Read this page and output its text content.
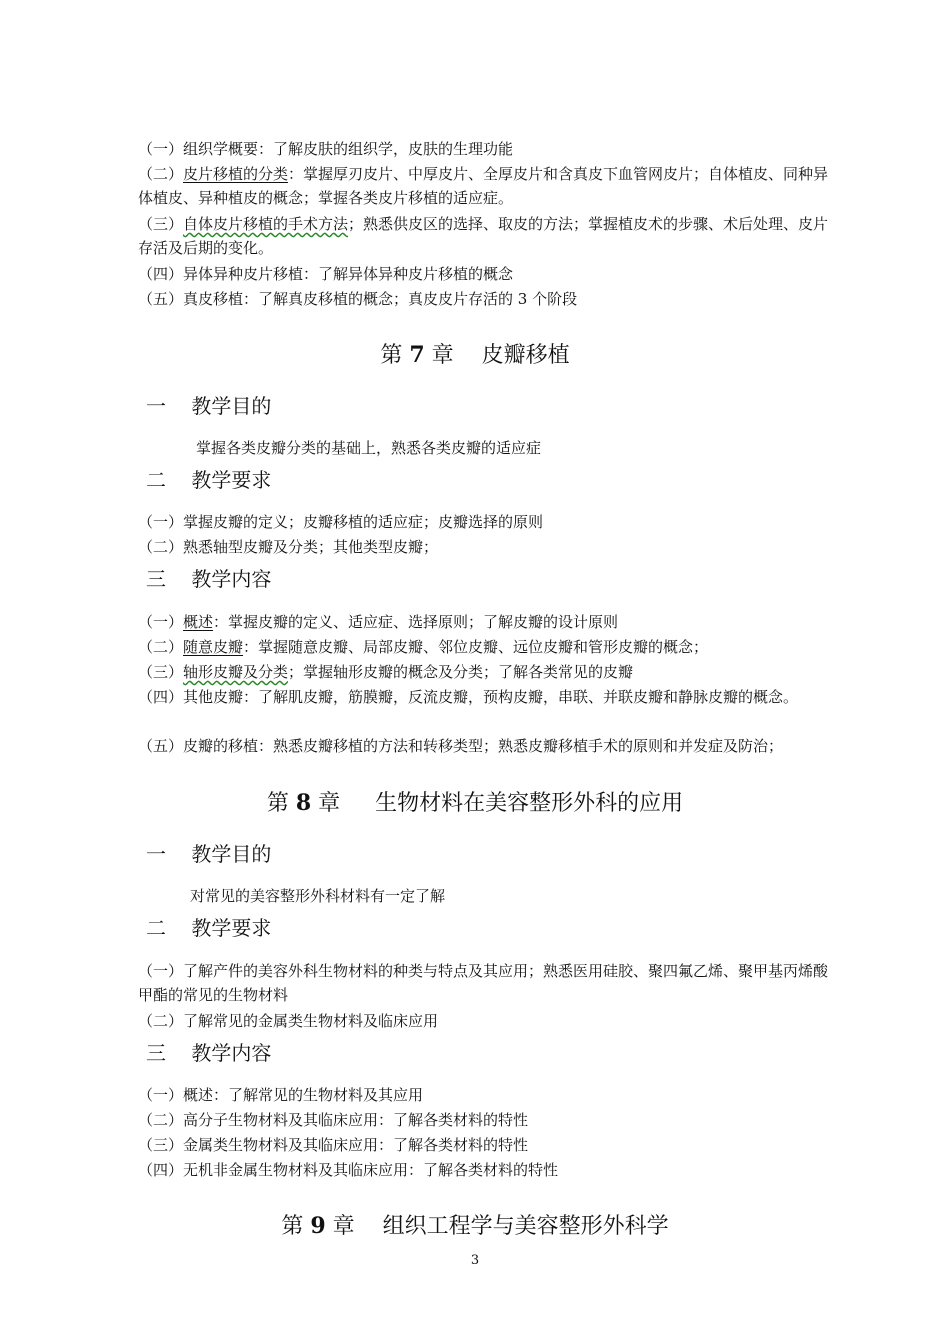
（一）组织学概要：了解皮肤的组织学，皮肤的生理功能
（二）皮片移植的分类：掌握厚刃皮片、中厚皮片、全厚皮片和含真皮下血管网皮片；自体植皮、同种异体植皮、异种植皮的概念；掌握各类皮片移植的适应症。
（三）自体皮片移植的手术方法；熟悉供皮区的选择、取皮的方法；掌握植皮术的步骤、术后处理、皮片存活及后期的变化。
（四）异体异种皮片移植：了解异体异种皮片移植的概念
（五）真皮移植：了解真皮移植的概念；真皮皮片存活的 3 个阶段
第 7 章 皮瓣移植
一    教学目的
掌握各类皮瓣分类的基础上，熟悉各类皮瓣的适应症
二    教学要求
（一）掌握皮瓣的定义；皮瓣移植的适应症；皮瓣选择的原则
（二）熟悉轴型皮瓣及分类；其他类型皮瓣；
三    教学内容
（一）概述：掌握皮瓣的定义、适应症、选择原则；了解皮瓣的设计原则
（二）随意皮瓣：掌握随意皮瓣、局部皮瓣、邻位皮瓣、远位皮瓣和管形皮瓣的概念；
（三）轴形皮瓣及分类；掌握轴形皮瓣的概念及分类；了解各类常见的皮瓣
（四）其他皮瓣：了解肌皮瓣，筋膜瓣，反流皮瓣，预构皮瓣，串联、并联皮瓣和静脉皮瓣的概念。
（五）皮瓣的移植：熟悉皮瓣移植的方法和转移类型；熟悉皮瓣移植手术的原则和并发症及防治；
第 8 章 生物材料在美容整形外科的应用
一    教学目的
对常见的美容整形外科材料有一定了解
二    教学要求
（一）了解产件的美容外科生物材料的种类与特点及其应用；熟悉医用硅胶、聚四氟乙烯、聚甲基丙烯酸甲酯的常见的生物材料
（二）了解常见的金属类生物材料及临床应用
三    教学内容
（一）概述：了解常见的生物材料及其应用
（二）高分子生物材料及其临床应用：了解各类材料的特性
（三）金属类生物材料及其临床应用：了解各类材料的特性
（四）无机非金属生物材料及其临床应用：了解各类材料的特性
第 9 章 组织工程学与美容整形外科学
3
